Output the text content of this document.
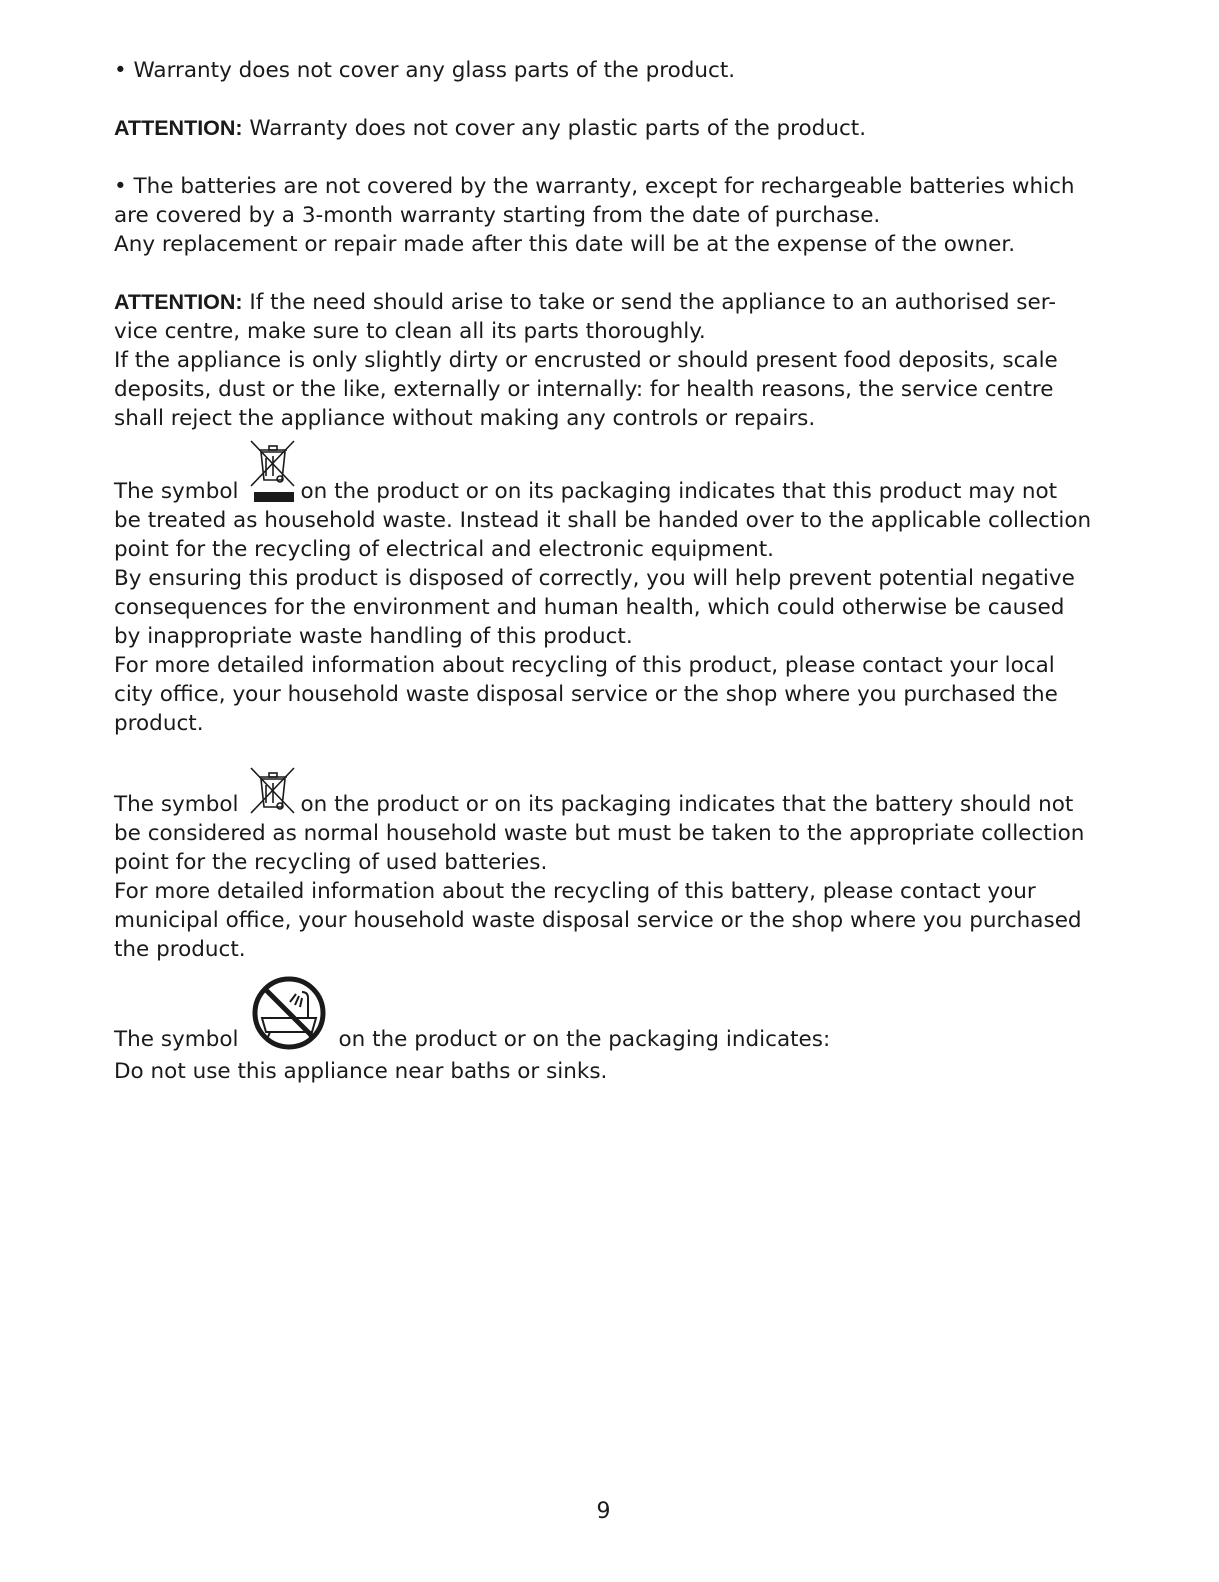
• Warranty does not cover any glass parts of the product.
ATTENTION: Warranty does not cover any plastic parts of the product.
• The batteries are not covered by the warranty, except for rechargeable batteries which
are covered by a 3-month warranty starting from the date of purchase.
Any replacement or repair made after this date will be at the expense of the owner.
ATTENTION: If the need should arise to take or send the appliance to an authorised ser-
vice centre, make sure to clean all its parts thoroughly.
If the appliance is only slightly dirty or encrusted or should present food deposits, scale
deposits, dust or the like, externally or internally: for health reasons, the service centre
shall reject the appliance without making any controls or repairs.
The symbol	on the product or on its packaging indicates that this product may not
be treated as household waste. Instead it shall be handed over to the applicable collection
point for the recycling of electrical and electronic equipment.
By ensuring this product is disposed of correctly, you will help prevent potential negative
consequences for the environment and human health, which could otherwise be caused
by inappropriate waste handling of this product.
For more detailed information about recycling of this product, please contact your local
city office, your household waste disposal service or the shop where you purchased the
product.
The symbol	on the product or on its packaging indicates that the battery should not
be considered as normal household waste but must be taken to the appropriate collection
point for the recycling of used batteries.
For more detailed information about the recycling of this battery, please contact your
municipal office, your household waste disposal service or the shop where you purchased
the product.
The symbol	on the product or on the packaging indicates:
Do not use this appliance near baths or sinks.
9
